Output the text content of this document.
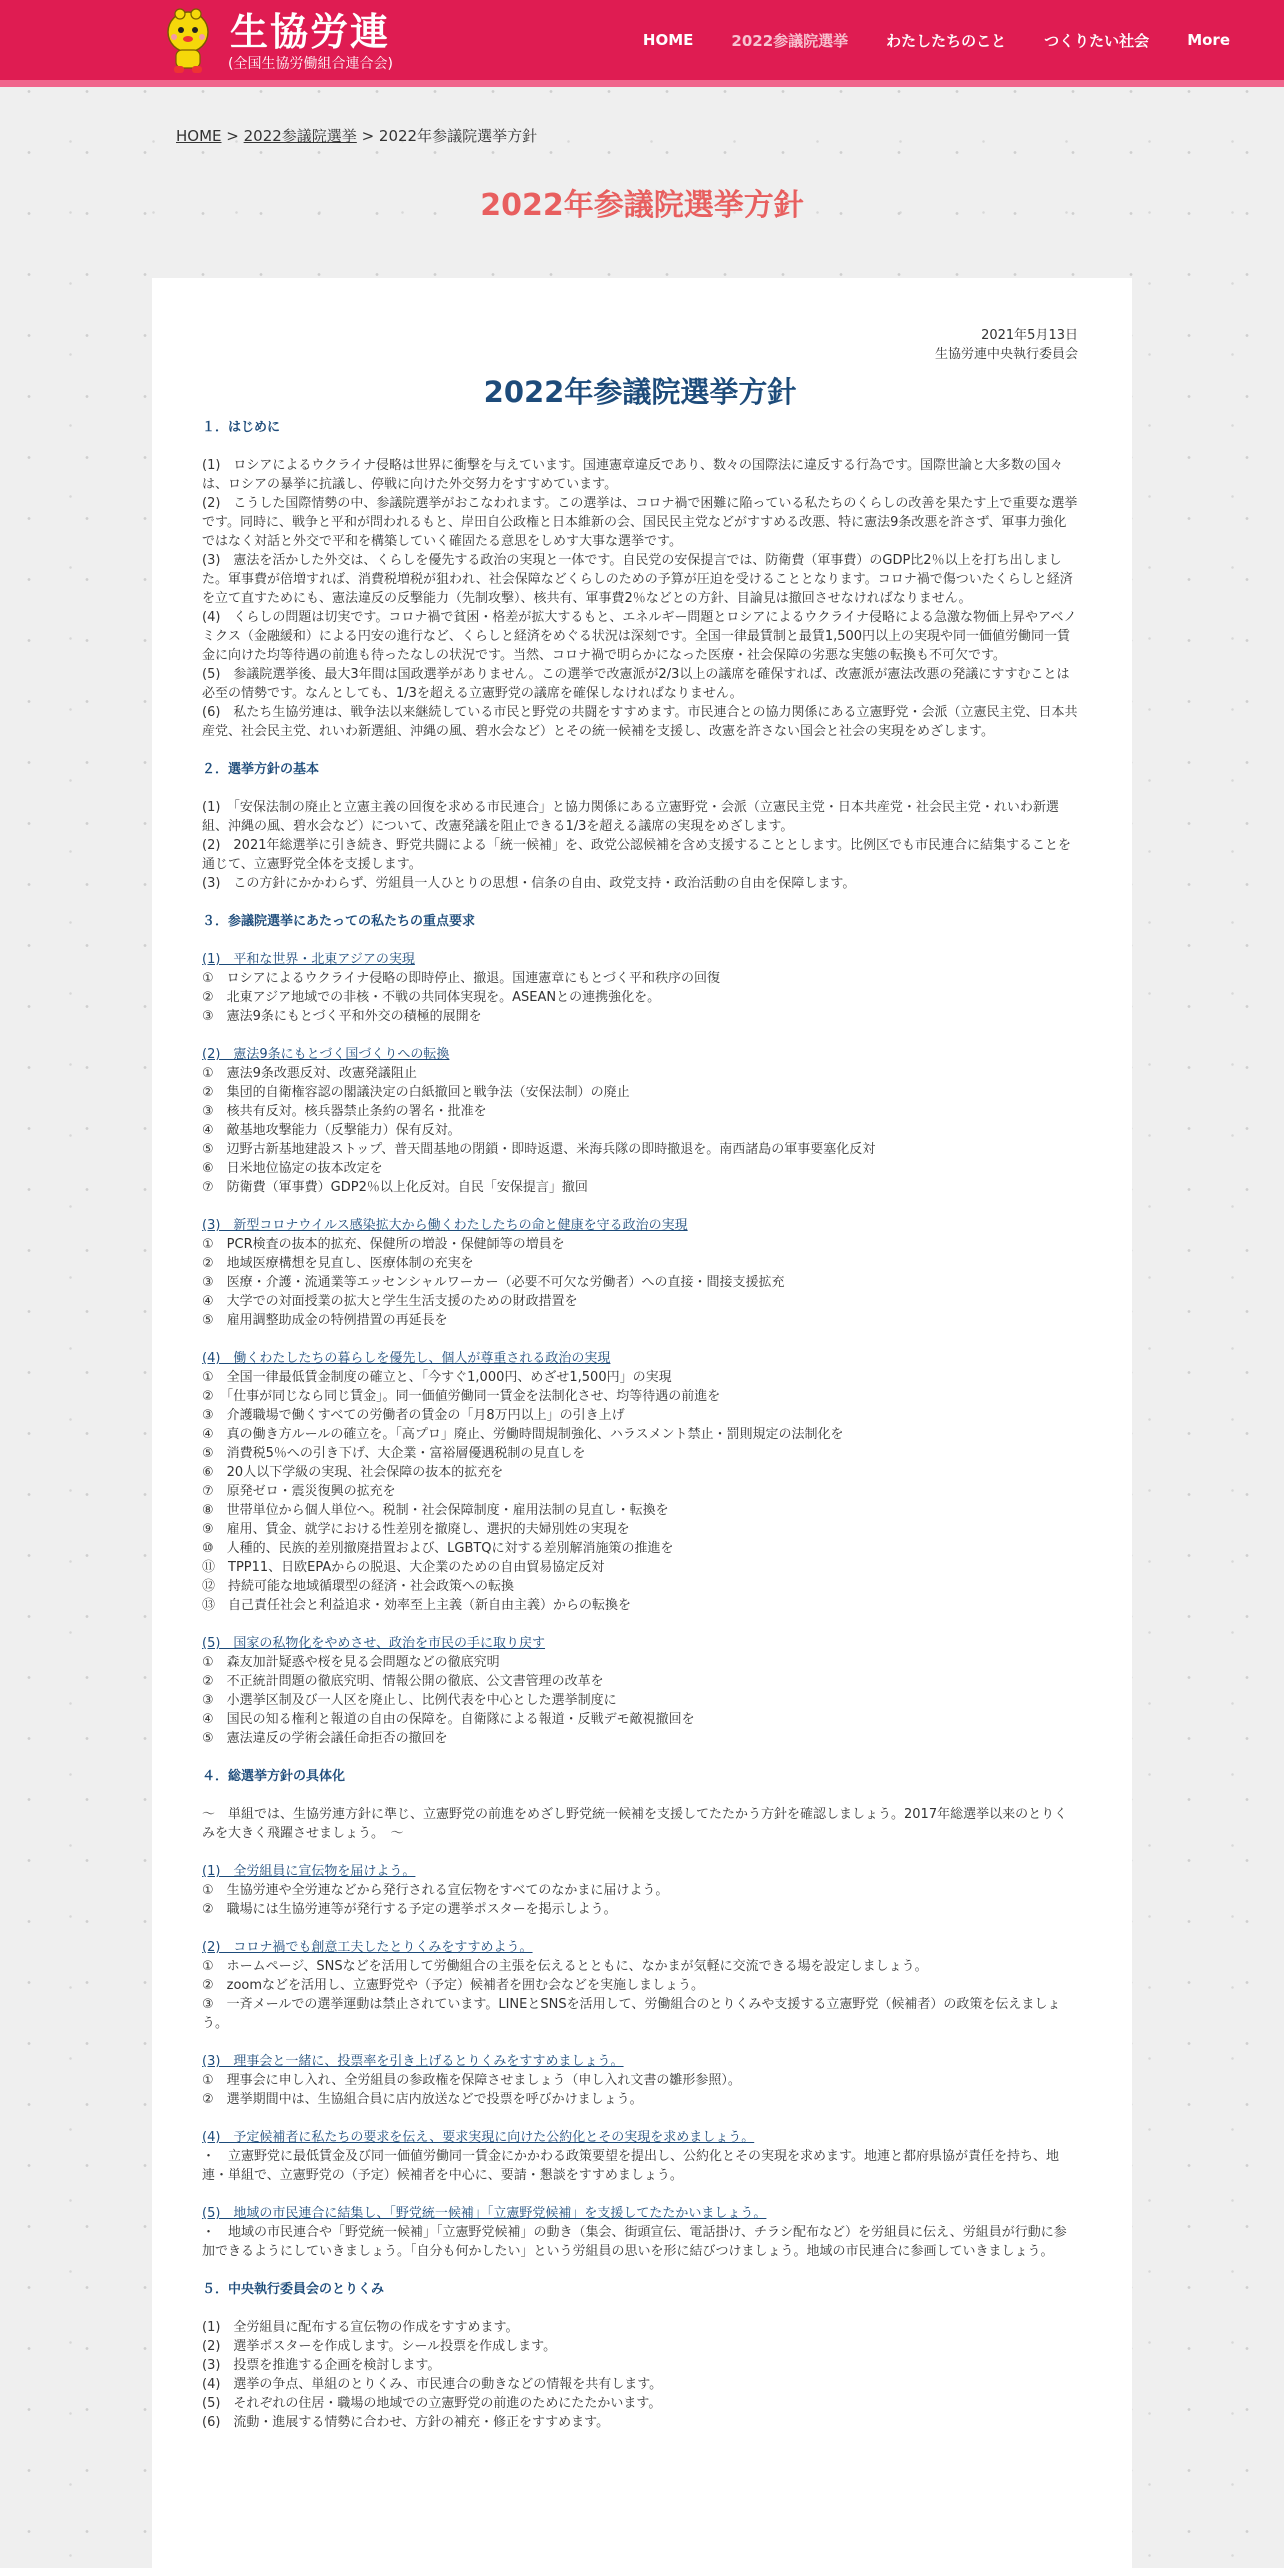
生協労連
(全国生協労働組合連合会)
HOME	2022参議院選挙	わたしたちのこと	つくりたい社会	More
HOME > 2022参議院選挙 > 2022年参議院選挙方針
2022年参議院選挙方針
2021年5月13日
生協労連中央執行委員会
2022年参議院選挙方針

１．はじめに

(1)　ロシアによるウクライナ侵略は世界に衝撃を与えています。国連憲章違反であり、数々の国際法に違反する行為です。国際世論と大多数の国々は、ロシアの暴挙に抗議し、停戦に向けた外交努力をすすめています。

(2)　こうした国際情勢の中、参議院選挙がおこなわれます。この選挙は、コロナ禍で困難に陥っている私たちのくらしの改善を果たす上で重要な選挙です。同時に、戦争と平和が問われるもと、岸田自公政権と日本維新の会、国民民主党などがすすめる改悪、特に憲法9条改悪を許さず、軍事力強化ではなく対話と外交で平和を構築していく確固たる意思をしめす大事な選挙です。

(3)　憲法を活かした外交は、くらしを優先する政治の実現と一体です。自民党の安保提言では、防衛費（軍事費）のGDP比2％以上を打ち出しました。軍事費が倍増すれば、消費税増税が狙われ、社会保障などくらしのための予算が圧迫を受けることとなります。コロナ禍で傷ついたくらしと経済を立て直すためにも、憲法違反の反撃能力（先制攻撃）、核共有、軍事費2％などとの方針、目論見は撤回させなければなりません。

(4)　くらしの問題は切実です。コロナ禍で貧困・格差が拡大するもと、エネルギー問題とロシアによるウクライナ侵略による急激な物価上昇やアベノミクス（金融緩和）による円安の進行など、くらしと経済をめぐる状況は深刻です。全国一律最賃制と最賃1,500円以上の実現や同一価値労働同一賃金に向けた均等待遇の前進も待ったなしの状況です。当然、コロナ禍で明らかになった医療・社会保障の劣悪な実態の転換も不可欠です。

(5)　参議院選挙後、最大3年間は国政選挙がありません。この選挙で改憲派が2/3以上の議席を確保すれば、改憲派が憲法改悪の発議にすすむことは必至の情勢です。なんとしても、1/3を超える立憲野党の議席を確保しなければなりません。

(6)　私たち生協労連は、戦争法以来継続している市民と野党の共闘をすすめます。市民連合との協力関係にある立憲野党・会派（立憲民主党、日本共産党、社会民主党、れいわ新選組、沖縄の風、碧水会など）とその統一候補を支援し、改憲を許さない国会と社会の実現をめざします。

２．選挙方針の基本

(1)　「安保法制の廃止と立憲主義の回復を求める市民連合」と協力関係にある立憲野党・会派（立憲民主党・日本共産党・社会民主党・れいわ新選組、沖縄の風、碧水会など）について、改憲発議を阻止できる1/3を超える議席の実現をめざします。

(2)　2021年総選挙に引き続き、野党共闘による「統一候補」を、政党公認候補を含め支援することとします。比例区でも市民連合に結集することを通じて、立憲野党全体を支援します。

(3)　この方針にかかわらず、労組員一人ひとりの思想・信条の自由、政党支持・政治活動の自由を保障します。

３．参議院選挙にあたっての私たちの重点要求

(1)　平和な世界・北東アジアの実現

①　ロシアによるウクライナ侵略の即時停止、撤退。国連憲章にもとづく平和秩序の回復

②　北東アジア地域での非核・不戦の共同体実現を。ASEANとの連携強化を。

③　憲法9条にもとづく平和外交の積極的展開を

(2)　憲法9条にもとづく国づくりへの転換

①　憲法9条改悪反対、改憲発議阻止

②　集団的自衛権容認の閣議決定の白紙撤回と戦争法（安保法制）の廃止

③　核共有反対。核兵器禁止条約の署名・批准を

④　敵基地攻撃能力（反撃能力）保有反対。

⑤　辺野古新基地建設ストップ、普天間基地の閉鎖・即時返還、米海兵隊の即時撤退を。南西諸島の軍事要塞化反対

⑥　日米地位協定の抜本改定を

⑦　防衛費（軍事費）GDP2％以上化反対。自民「安保提言」撤回

(3)　新型コロナウイルス感染拡大から働くわたしたちの命と健康を守る政治の実現

①　PCR検査の抜本的拡充、保健所の増設・保健師等の増員を

②　地域医療構想を見直し、医療体制の充実を

③　医療・介護・流通業等エッセンシャルワーカー（必要不可欠な労働者）への直接・間接支援拡充

④　大学での対面授業の拡大と学生生活支援のための財政措置を

⑤　雇用調整助成金の特例措置の再延長を

(4)　働くわたしたちの暮らしを優先し、個人が尊重される政治の実現

①　全国一律最低賃金制度の確立と、「今すぐ1,000円、めざせ1,500円」の実現

②　「仕事が同じなら同じ賃金」。同一価値労働同一賃金を法制化させ、均等待遇の前進を

③　介護職場で働くすべての労働者の賃金の「月8万円以上」の引き上げ

④　真の働き方ルールの確立を。「高プロ」廃止、労働時間規制強化、ハラスメント禁止・罰則規定の法制化を

⑤　消費税5％への引き下げ、大企業・富裕層優遇税制の見直しを

⑥　20人以下学級の実現、社会保障の抜本的拡充を

⑦　原発ゼロ・震災復興の拡充を

⑧　世帯単位から個人単位へ。税制・社会保障制度・雇用法制の見直し・転換を

⑨　雇用、賃金、就学における性差別を撤廃し、選択的夫婦別姓の実現を

⑩　人種的、民族的差別撤廃措置および、LGBTQに対する差別解消施策の推進を

⑪　TPP11、日欧EPAからの脱退、大企業のための自由貿易協定反対

⑫　持続可能な地域循環型の経済・社会政策への転換

⑬　自己責任社会と利益追求・効率至上主義（新自由主義）からの転換を

(5)　国家の私物化をやめさせ、政治を市民の手に取り戻す

①　森友加計疑惑や桜を見る会問題などの徹底究明

②　不正統計問題の徹底究明、情報公開の徹底、公文書管理の改革を

③　小選挙区制及び一人区を廃止し、比例代表を中心とした選挙制度に

④　国民の知る権利と報道の自由の保障を。自衛隊による報道・反戦デモ敵視撤回を

⑤　憲法違反の学術会議任命拒否の撤回を

４．総選挙方針の具体化

～　単組では、生協労連方針に準じ、立憲野党の前進をめざし野党統一候補を支援してたたかう方針を確認しましょう。2017年総選挙以来のとりくみを大きく飛躍させましょう。　～

(1)　全労組員に宣伝物を届けよう。

①　生協労連や全労連などから発行される宣伝物をすべてのなかまに届けよう。

②　職場には生協労連等が発行する予定の選挙ポスターを掲示しよう。

(2)　コロナ禍でも創意工夫したとりくみをすすめよう。

①　ホームページ、SNSなどを活用して労働組合の主張を伝えるとともに、なかまが気軽に交流できる場を設定しましょう。

②　zoomなどを活用し、立憲野党や（予定）候補者を囲む会などを実施しましょう。

③　一斉メールでの選挙運動は禁止されています。LINEとSNSを活用して、労働組合のとりくみや支援する立憲野党（候補者）の政策を伝えましょう。

(3)　理事会と一緒に、投票率を引き上げるとりくみをすすめましょう。

①　理事会に申し入れ、全労組員の参政権を保障させましょう（申し入れ文書の雛形参照）。

②　選挙期間中は、生協組合員に店内放送などで投票を呼びかけましょう。

(4)　予定候補者に私たちの要求を伝え、要求実現に向けた公約化とその実現を求めましょう。

・　立憲野党に最低賃金及び同一価値労働同一賃金にかかわる政策要望を提出し、公約化とその実現を求めます。地連と都府県協が責任を持ち、地連・単組で、立憲野党の（予定）候補者を中心に、要請・懇談をすすめましょう。

(5)　地域の市民連合に結集し、「野党統一候補」「立憲野党候補」を支援してたたかいましょう。

・　地域の市民連合や「野党統一候補」「立憲野党候補」の動き（集会、街頭宣伝、電話掛け、チラシ配布など）を労組員に伝え、労組員が行動に参加できるようにしていきましょう。「自分も何かしたい」という労組員の思いを形に結びつけましょう。地域の市民連合に参画していきましょう。

５．中央執行委員会のとりくみ

(1)　全労組員に配布する宣伝物の作成をすすめます。

(2)　選挙ポスターを作成します。シール投票を作成します。

(3)　投票を推進する企画を検討します。

(4)　選挙の争点、単組のとりくみ、市民連合の動きなどの情報を共有します。

(5)　それぞれの住居・職場の地域での立憲野党の前進のためにたたかいます。

(6)　流動・進展する情勢に合わせ、方針の補充・修正をすすめます。
